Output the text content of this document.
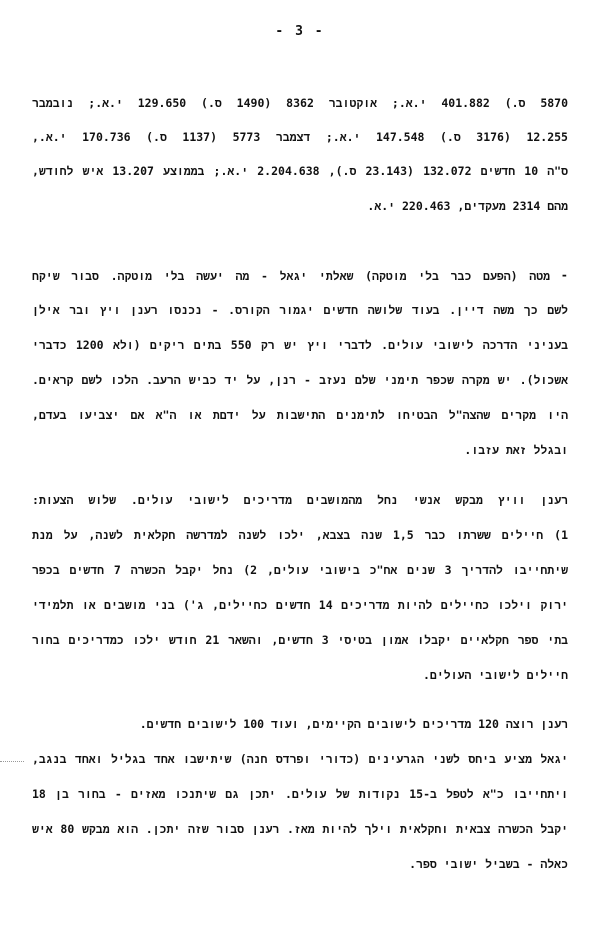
- 3 -
5870 ס.) 401.882 י.א.; אוקטובר 8362 (1490 ס.) 129.650 י.א.; נובמבר
12.255 (3176 ס.) 147.548 י.א.; דצמבר 5773 (1137 ס.) 170.736 י.א.,
ס"ה 10 חדשים 132.072 (23.143 ס.), 2.204.638 י.א.; בממוצע 13.207 איש לחודש,
מהם 2314 מעקדים, 220.463 י.א.
-
מטה (הפעם כבר בלי מוטקה) שאלתי יגאל - מה יעשה בלי מוטקה. סבור שיקח
לשם כך משה דיין. בעוד שלושה חדשים יגמור הקורס. - נכנסו רענן ויץ ובר אילן
בעניני הדרכה לישובי עולים. לדברי ויץ יש רק 550 בתים ריקים (ולא 1200 כדברי
אשכול). יש מקרה שכפר תימני שלם נעזב - רנן, על יד כביש הרעב. הלכו לשם קראים.
היו מקרים שהצה"ל הבטיחו לתימנים התישבות על ידםת או ה"א אם יצביעו בעדם,
ובגלל זאת עזבו.
רענן וויץ מבקש אנשי נחל מהמושבים מדריכים לישובי עולים. שלוש הצעות:
1) חיילים ששרתו כבר 1,5 שנה בצבא, ילכו לשנה למדרשה חקלאית לשנה, על מנת
שיתחייבו להדריך 3 שנים אח"כ בישובי עולים, 2) נחל יקבל הכשרה 7 חדשים בכפר
ירוק וילכו כחיילים להיות מדריכים 14 חדשים כחיילים, ג') בני מושבים או תלמידי
בתי ספר חקלאיים יקבלו אמון בטיסי 3 חדשים, והשאר 21 חודש ילכו כמדריכים בחור
חיילים לישובי העולים.
רענן רוצה 120 מדריכים לישובים הקיימים, ועוד 100 לישובים חדשים.
יגאל מציע ביחס לשני הגרעינים (כדורי ופרדס חנה) שיתישבו אחד בגליל ואחד בנגב,
ויתחייבו כ"א לטפל ב-15 נקודות של עולים. יתכן גם שיתנכו מאזים - בחור בן 18
יקבל הכשרה צבאית וחקלאית וילך להיות מאז. רענן סבור שזה יתכן. הוא מבקש 80 איש
כאלה - בשביל ישובי ספר.
